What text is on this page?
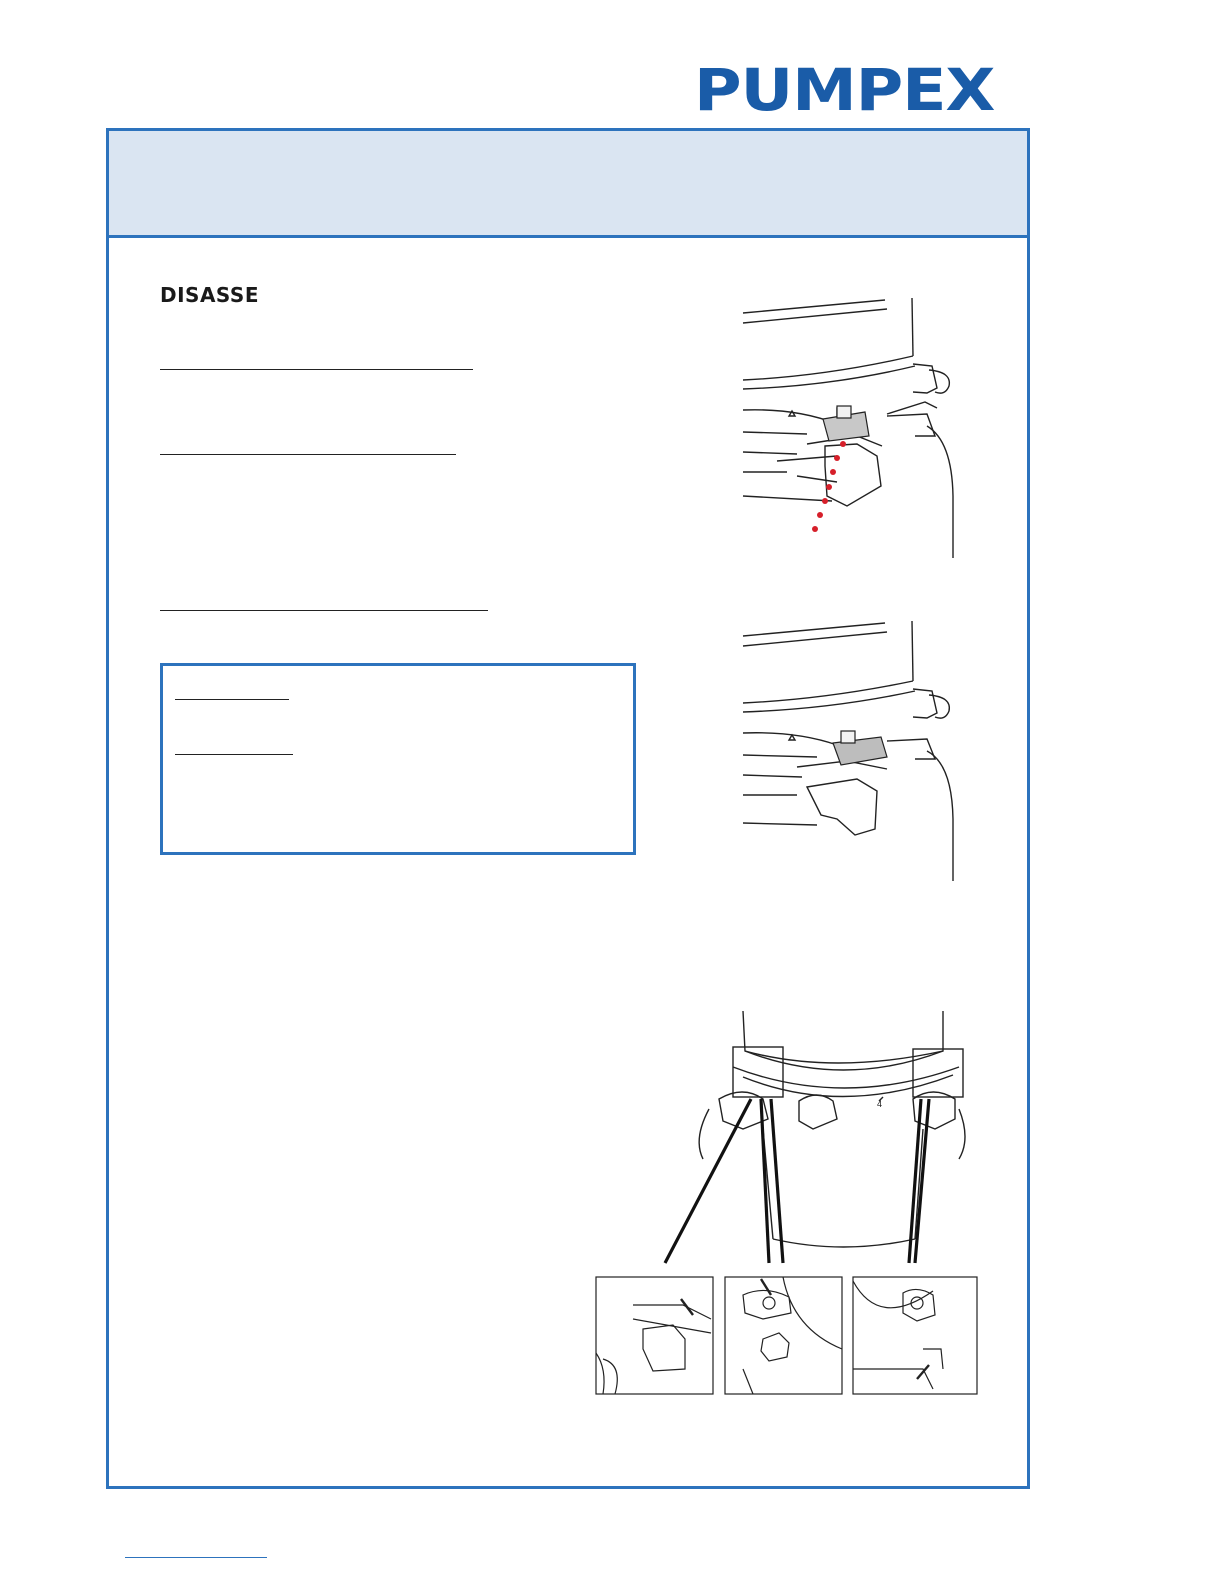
PUMPEX
DISASSE
4
